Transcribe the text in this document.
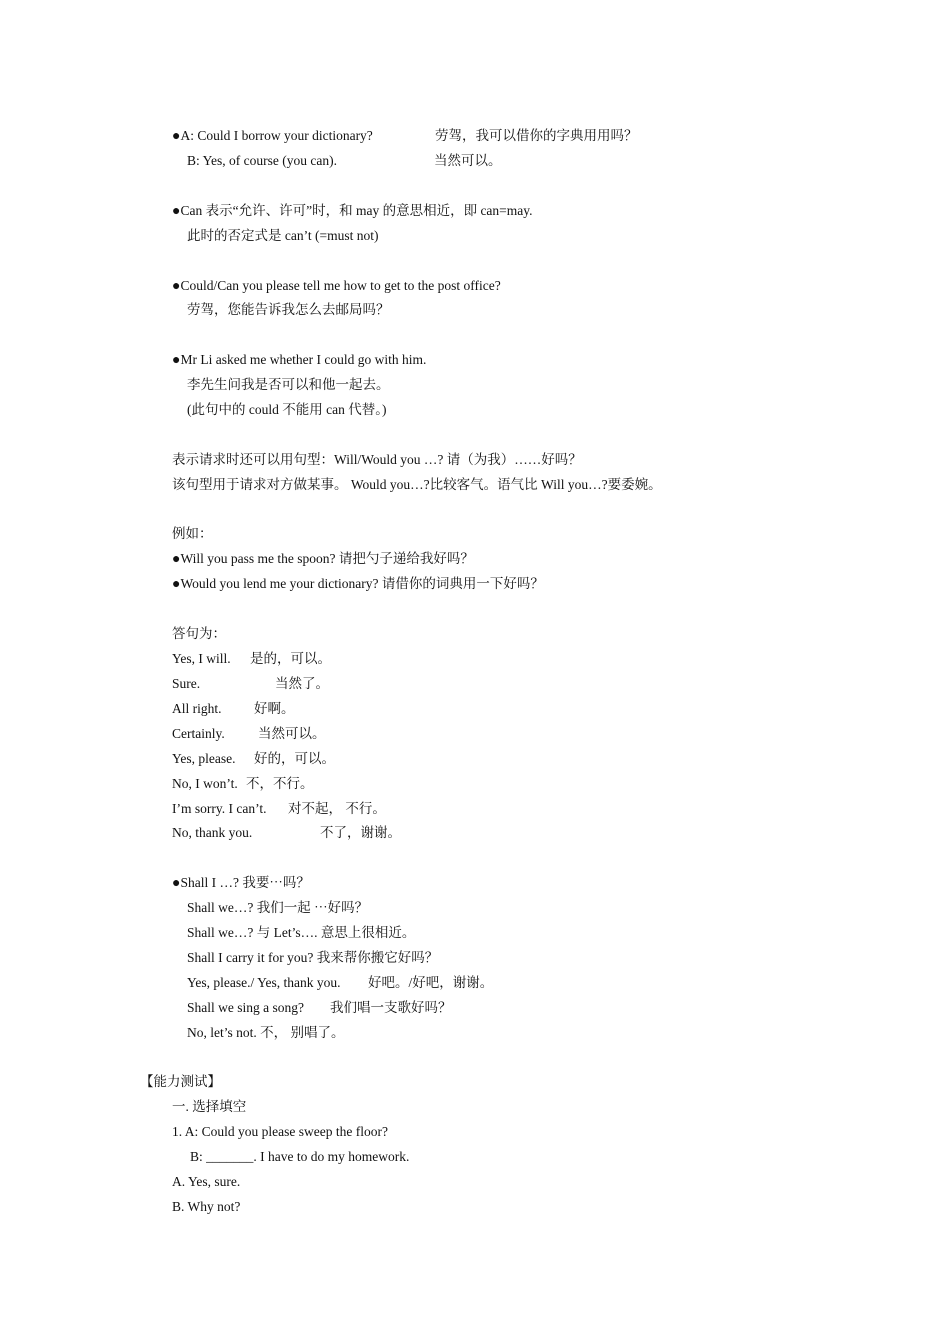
● A: Could I borrow your dictionary?	劳驾，我可以借你的字典用用吗？
B: Yes, of course (you can).	当然可以。
● Can 表示“允许、许可”时，和 may 的意思相近，即 can=may.
此时的否定式是 can’t (=must not)
● Could/Can you please tell me how to get to the post office?
劳驾，您能告诉我怎么去邮局吗？
● Mr Li asked me whether I could go with him.
李先生问我是否可以和他一起去。
(此句中的 could 不能用 can 代替。)
表示请求时还可以用句型：Will/Would you …? 请（为我）……好吗？
该句型用于请求对方做某事。 Would you…?比较客气。语气比 Will you…?要委婉。
例如：
● Will you pass me the spoon? 请把勺子递给我好吗？
● Would you lend me your dictionary? 请借你的词典用一下好吗？
答句为：
Yes, I will. 是的，可以。
Sure.	当然了。
All right. 好啊。
Certainly. 当然可以。
Yes, please. 好的，可以。
No, I won’t. 不，不行。
I’m sorry. I can’t. 对不起， 不行。
No, thank you.	不了，谢谢。
● Shall I …? 我要⋯吗？
Shall we…? 我们一起 ⋯好吗？
Shall we…? 与 Let’s…. 意思上很相近。
Shall I carry it for you? 我来帮你搬它好吗？
Yes, please./ Yes, thank you. 好吧。/好吧，谢谢。
Shall we sing a song? 我们唱一支歌好吗？
No, let’s not. 不， 别唱了。
【能力测试】
一. 选择填空
1. A: Could you please sweep the floor?
B: _______. I have to do my homework.
A. Yes, sure.
B. Why not?
